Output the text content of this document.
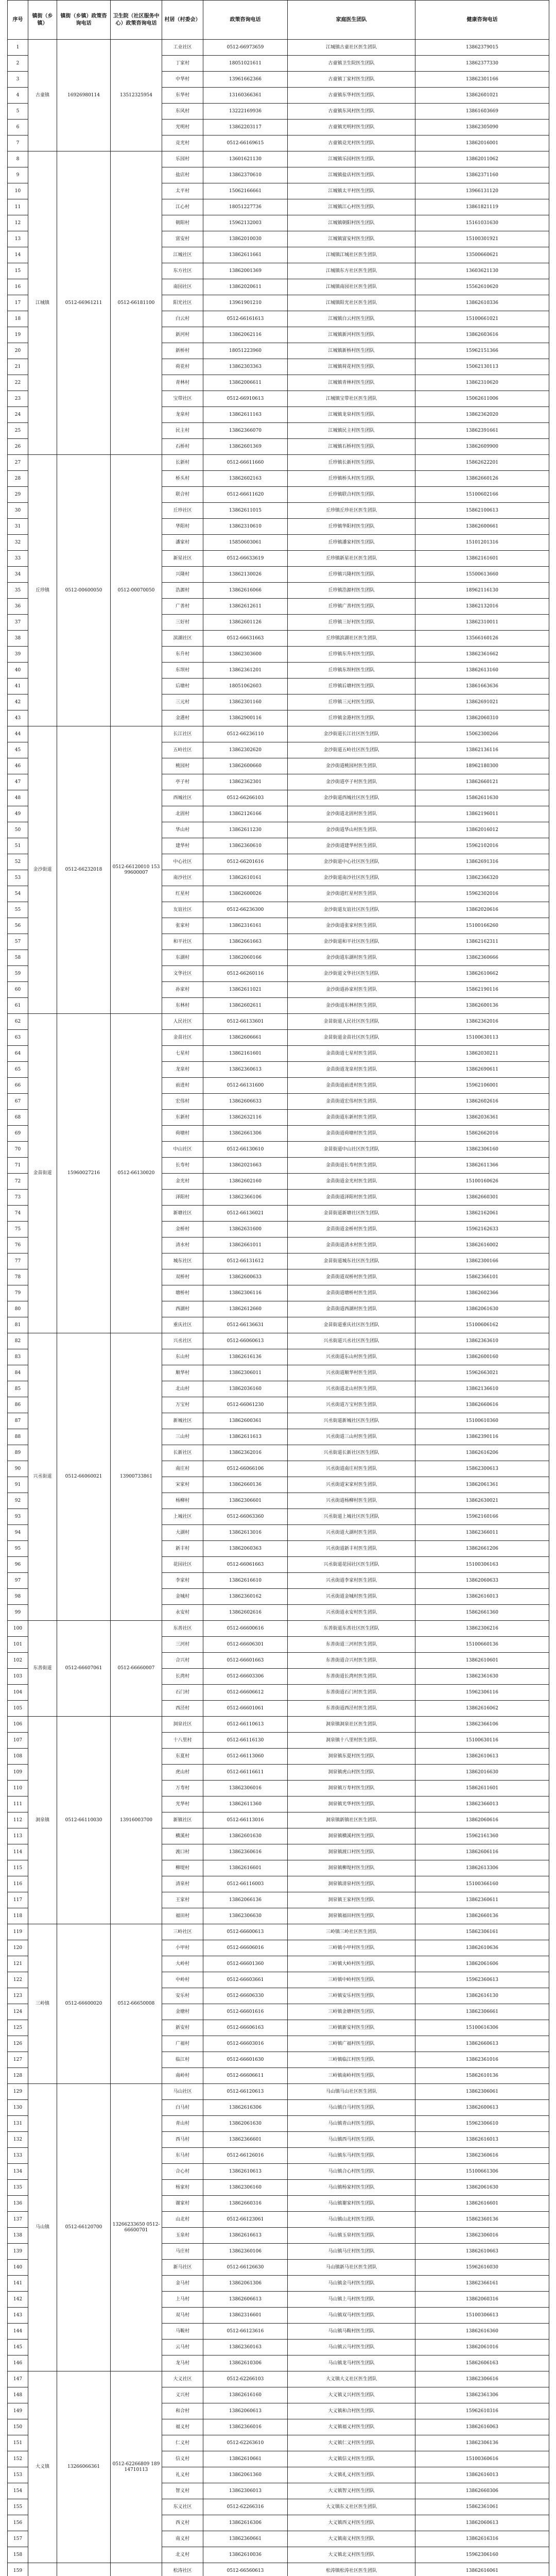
序号	镇街（乡镇）	镇街（乡镇）政策咨询电话	卫生院（社区服务中心）政策咨询电话	村居（村委会）	政策咨询电话	家庭医生团队	健康咨询电话
1	古童镇	16926980114	13512325954	工业社区	0512-66973659	江城镇古童社区医生团队	13862379015
2				丁家村	18051021611	古童镇卫生院医生团队	13862377330
3				中华村	13961662366	古童镇丁家村医生团队	13862301166
4				东华村	13160366361	古童镇东华村医生团队	13862601021
5				东风村	13222169936	古童镇东风村医生团队	13861603669
6				光明村	13862203117	古童镇光明村医生团队	13862305090
7				竞光村	0512-66169615	古童镇竞光村医生团队	13862016001
8	江城镇	0512-66961211	0512-66181100	乐园村	13601621130	江城镇乐园村医生团队	13862011062
9				盐店村	13862370610	江城镇盐店村医生团队	13862371160
10				太平村	15062166661	江城镇太平村医生团队	13966131120
11				江心村	18051227736	江城镇江心村医生团队	13861821119
12				朝阳村	15962132003	江城镇朝阳村医生团队	15161031630
13				富安村	13862010030	江城镇富安村医生团队	15100301921
14				江城社区	13862611661	江城镇江城社区医生团队	13500660621
15				东方社区	13862001369	江城镇东方社区医生团队	13603621130
16				南园社区	13862020611	江城镇南园社区医生团队	15562610620
17				阳光社区	13961901210	江城镇阳光社区医生团队	13862610336
18				白云村	0512-66161613	江城镇白云村医生团队	15100661021
19				新河村	13862062116	江城镇新河村医生团队	13862603616
20				新桥村	18051223960	江城镇新桥村医生团队	15962151366
21				荷花村	13862303363	江城镇荷花村医生团队	15062130113
22				青林村	13862006611	江城镇青林村医生团队	13862310620
23				宝带社区	0512-66910613	江城镇宝带社区医生团队	15062611006
24				龙泉村	13862611163	江城镇龙泉村医生团队	13862362020
25				民主村	13862366070	江城镇民主村医生团队	13862391661
26				石桥村	13862601369	江城镇石桥村医生团队	13862609900
27	丘珍镇	0512-00600050	0512-00070050	长新村	0512-66611660	丘珍镇长新村医生团队	15862622201
28				桥头村	13862602163	丘珍镇桥头村医生团队	13862660126
29				联合村	0512-66611620	丘珍镇联合村医生团队	15100602166
30				丘珍社区	13862611015	丘珍镇丘珍社区医生团队	15862100613
31				华阳村	13862310610	丘珍镇华阳村医生团队	13862600661
32				潘家村	15850603061	丘珍镇潘家村医生团队	15101201316
33				新星社区	0512-66633619	丘珍镇新星社区医生团队	13862161601
34				兴隆村	13862130026	丘珍镇兴隆村医生团队	15500613660
35				浩源村	13862616066	丘珍镇浩源村医生团队	18962116130
36				广善村	13862612611	丘珍镇广善村医生团队	13862132016
37				三好村	13862601126	丘珍镇三好村医生团队	13862310011
38				滨湖社区	0512-66631663	丘珍镇滨湖社区医生团队	13566160126
39				东升村	13862303600	丘珍镇东升村医生团队	13862361662
40				东坝村	13862361201	丘珍镇东坝村医生团队	13862613160
41				后塘村	18051062603	丘珍镇后塘村医生团队	13861663636
42				三元村	13862301160	丘珍镇三元村医生团队	13862691021
43				金港村	13862900116	丘珍镇金港村医生团队	13862060310
44	金沙街道	0512-66232018	0512-66120010 15399600007	长江社区	0512-66236110	金沙街道长江社区医生团队	15062300266
45				五岭社区	13862302620	金沙街道五岭社区医生团队	13862136116
46				桃园村	13862600660	金沙街道桃园村医生团队	18962180300
47				亭子村	13862362301	金沙街道亭子村医生团队	13862660121
48				西城社区	0512-66266103	金沙街道西城社区医生团队	15862611630
49				北固村	13862126166	金沙街道北固村医生团队	13862196011
50				华山村	13862611230	金沙街道华山村医生团队	13862016012
51				建华村	13862360610	金沙街道建华村医生团队	15962102016
52				中心社区	0512-66201616	金沙街道中心社区医生团队	13862691316
53				南沙社区	13862610161	金沙街道南沙社区医生团队	13862366320
54				红星村	13862600026	金沙街道红星村医生团队	15962302016
55				友谊社区	0512-66236300	金沙街道友谊社区医生团队	13862020616
56				张家村	13862316161	金沙街道张家村医生团队	15100166260
57				和平社区	13862661663	金沙街道和平社区医生团队	13862162311
58				东湖村	13862060166	金沙街道东湖村医生团队	13862360666
59				文华社区	0512-66260116	金沙街道文华社区医生团队	13862610662
60				孙家村	13862611021	金沙街道孙家村医生团队	15862190116
61				东林村	13862602611	金沙街道东林村医生团队	13862600136
62	金苗街道	15960027216	0512-66130020	人民社区	0512-66133601	金苗街道人民社区医生团队	13862362016
63				金苗社区	13862606661	金苗街道金苗社区医生团队	15100630113
64				七星村	13862161601	金苗街道七星村医生团队	13862030211
65				龙泉村	13862360613	金苗街道龙泉村医生团队	13862690611
66				前进村	0512-66131600	金苗街道前进村医生团队	15962106001
67				宏伟村	13862606633	金苗街道宏伟村医生团队	13862602616
68				东新村	13862632116	金苗街道东新村医生团队	13862036361
69				荷塘村	13862661306	金苗街道荷塘村医生团队	15862662016
70				中山社区	0512-66130610	金苗街道中山社区医生团队	13862306160
71				长寿村	13862021663	金苗街道长寿村医生团队	13862611366
72				金光村	13862602160	金苗街道金光村医生团队	15100160626
73				泽阳村	13862366106	金苗街道泽阳村医生团队	13862660301
74				新塘社区	0512-66136021	金苗街道新塘社区医生团队	13862162061
75				金桥村	13862631600	金苗街道金桥村医生团队	15962162633
76				清水村	13862661011	金苗街道清水村医生团队	13862616002
77				城东社区	0512-66131612	金苗街道城东社区医生团队	13862300166
78				双桥村	13862600633	金苗街道双桥村医生团队	15862366101
79				塘桥村	13862306116	金苗街道塘桥村医生团队	13862602366
80				西湖村	13862612660	金苗街道西湖村医生团队	13862061630
81				重庆社区	0512-66136631	金苗街道重庆社区医生团队	15100606162
82	兴丞街道	0512-66060021	13900733861	兴丞社区	0512-66060613	兴丞街道兴丞社区医生团队	13862363610
83				东山村	13862616136	兴丞街道东山村医生团队	13862600160
84				顺华村	13862306011	兴丞街道顺华村医生团队	15962663021
85				北山村	13862036160	兴丞街道北山村医生团队	13862136610
86				万宝村	0512-66061230	兴丞街道万宝村医生团队	13862660616
87				新城社区	13862600361	兴丞街道新城社区医生团队	15100610360
88				三山村	13862611613	兴丞街道三山村医生团队	13862390116
89				长新社区	13862362016	兴丞街道长新社区医生团队	13862616206
90				南庄村	0512-66066106	兴丞街道南庄村医生团队	15862300613
91				宋家村	13862660136	兴丞街道宋家村医生团队	13862061361
92				杨柳村	13862306601	兴丞街道杨柳村医生团队	13862630021
93				上城社区	0512-66063360	兴丞街道上城社区医生团队	15962160166
94				大湖村	13862613016	兴丞街道大湖村医生团队	13862366011
95				新丰村	13862060363	兴丞街道新丰村医生团队	13862661206
96				花园社区	0512-66061663	兴丞街道花园社区医生团队	15100306163
97				李家村	13862616610	兴丞街道李家村医生团队	13862060633
98				金城村	13862360162	兴丞街道金城村医生团队	13862616013
99				永安村	13862602616	兴丞街道永安村医生团队	15862661360
100	东善街道	0512-66607061	0512-66660007	东善社区	0512-66600616	东善街道东善社区医生团队	13862306216
101				三河村	0512-66606301	东善街道三河村医生团队	15100660136
102				合兴村	0512-66601663	东善街道合兴村医生团队	13862610601
103				长湾村	0512-66603306	东善街道长湾村医生团队	13862361630
104				石门村	0512-66606612	东善街道石门村医生团队	15962306116
105				西泾村	0512-66601061	东善街道西泾村医生团队	13862616062
106	洞泉镇	0512-66110030	13916003700	洞泉社区	0512-66110613	洞泉镇洞泉社区医生团队	13862366106
107				十八里村	0512-66116130	洞泉镇十八里村医生团队	15100630116
108				东夏村	0512-66113060	洞泉镇东夏村医生团队	13862610613
109				虎山村	0512-66116611	洞泉镇虎山村医生团队	13862016630
110				万寿村	13862306016	洞泉镇万寿村医生团队	15862611601
111				光华村	13862611360	洞泉镇光华村医生团队	13862366013
112				新镇社区	0512-66113016	洞泉镇新镇社区医生团队	13862060616
113				横溪村	13862601630	洞泉镇横溪村医生团队	15962161360
114				渡口村	13862360616	洞泉镇渡口村医生团队	13862606116
115				柳堤村	13862616601	洞泉镇柳堤村医生团队	13862613306
116				清泉村	0512-66116003	洞泉镇清泉村医生团队	15100366160
117				王家村	13862066136	洞泉镇王家村医生团队	13862360611
118				福田村	13862306630	洞泉镇福田村医生团队	13862660136
119	三岭镇	0512-66600020	0512-66650008	三岭社区	0512-66600613	三岭镇三岭社区医生团队	15862306161
120				小甲村	0512-66606016	三岭镇小甲村医生团队	13862610636
121				大岭村	0512-66601360	三岭镇大岭村医生团队	13862061606
122				中岭村	0512-66603661	三岭镇中岭村医生团队	15962360613
123				安乐村	0512-66606330	三岭镇安乐村医生团队	13862616130
124				金塘村	0512-66601616	三岭镇金塘村医生团队	13862306661
125				新安村	0512-66606163	三岭镇新安村医生团队	15100616306
126				广福村	0512-66603016	三岭镇广福村医生团队	13862660613
127				临江村	0512-66601630	三岭镇临江村医生团队	13862361016
128				南岭村	0512-66606611	三岭镇南岭村医生团队	15862610136
129	马山镇	0512-66120700	13266233650 0512-66600701	马山社区	0512-66120613	马山镇马山社区医生团队	13862306061
130				白马村	13862616306	马山镇白马村医生团队	13862600613
131				青山村	13862061630	马山镇青山村医生团队	15962306610
132				西马村	13862366601	马山镇西马村医生团队	13862616013
133				东马村	0512-66126016	马山镇东马村医生团队	13862360616
134				合心村	13862610613	马山镇合心村医生团队	15100661306
135				杨家村	13862306160	马山镇杨家村医生团队	13862061630
136				谢家村	13862660316	马山镇谢家村医生团队	13862616601
137				山北村	0512-66123061	马山镇山北村医生团队	15862360136
138				玉泉村	13862616613	马山镇玉泉村医生团队	13862306016
139				马庄村	13862360106	马山镇马庄村医生团队	13862610663
140				新马社区	0512-66126630	马山镇新马社区医生团队	15962616030
141				金马村	13862061306	马山镇金马村医生团队	13862366161
142				上马村	13862606613	马山镇上马村医生团队	13862060316
143				双马村	13862316601	马山镇双马村医生团队	15100306613
144				马鞍村	0512-66123616	马山镇马鞍村医生团队	13862616360
145				云马村	13862360163	马山镇云马村医生团队	13862061016
146				龙马村	13862610306	马山镇龙马村医生团队	15862606163
147	大义镇	13266066361	0512-62266809 18914710113	大义社区	0512-62266103	大义镇大义社区医生团队	13862306616
148				义兴村	13862616160	大义镇义兴村医生团队	13862361306
149				和合村	13862060613	大义镇和合村医生团队	15962610316
150				福义村	13862366016	大义镇福义村医生团队	13862616063
151				仁义村	0512-62263610	大义镇仁义村医生团队	13862306136
152				信义村	13862610661	大义镇信义村医生团队	15100360616
153				礼义村	13862061360	大义镇礼义村医生团队	13862616013
154				智义村	13862306013	大义镇智义村医生团队	13862660306
155				东义社区	0512-62266316	大义镇东义社区医生团队	15862361061
156				西义村	13862616306	大义镇西义村医生团队	13862060613
157				南义村	13862360661	大义镇南义村医生团队	13862616316
158				北义村	13862610036	大义镇北义村医生团队	15962306160
159				松涛社区	0512-66560613	松涛镇松涛社区医生团队	13862616061
